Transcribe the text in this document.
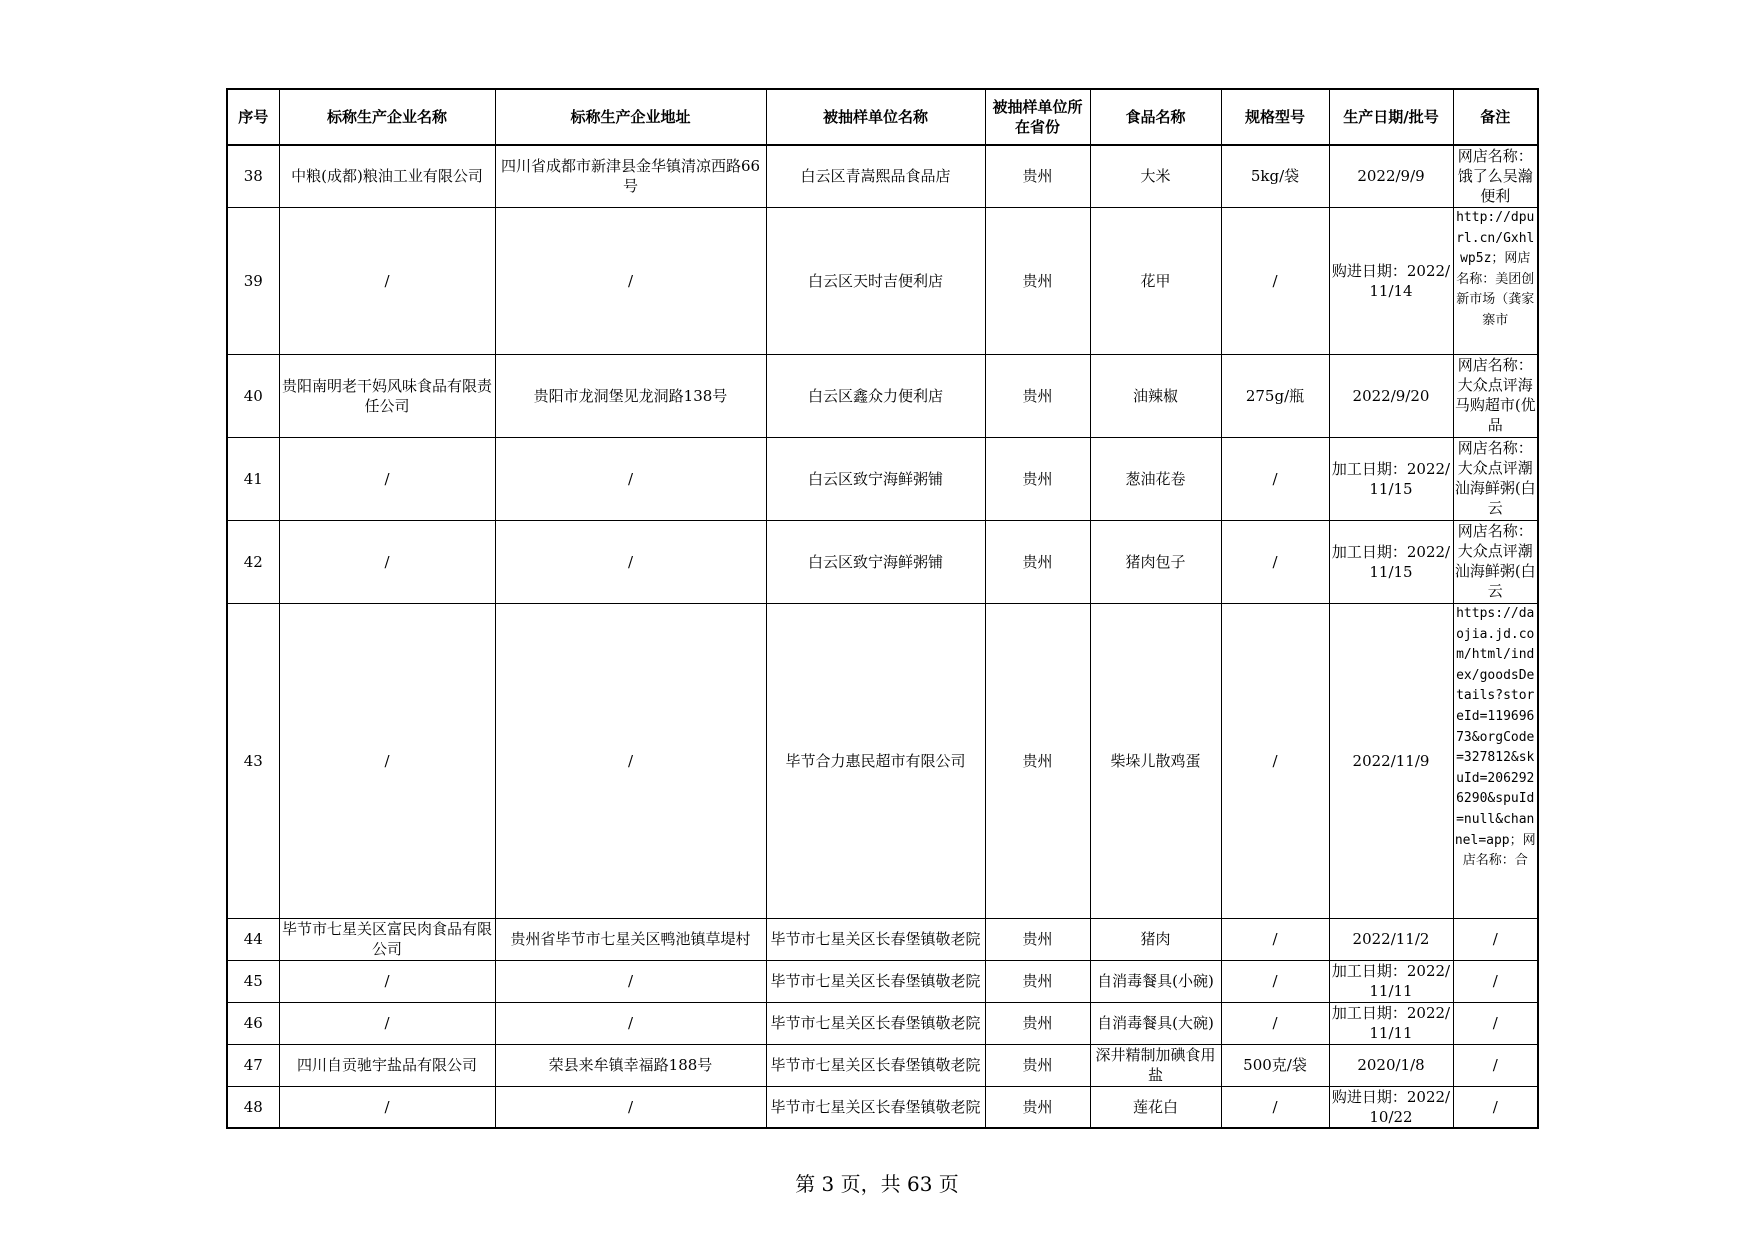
序号	标称生产企业名称	标称生产企业地址	被抽样单位名称	被抽样单位所在省份	食品名称	规格型号	生产日期/批号	备注
38	中粮(成都)粮油工业有限公司	四川省成都市新津县金华镇清凉西路66号	白云区青嵩熙品食品店	贵州	大米	5kg/袋	2022/9/9	网店名称：饿了么吴瀚便利

39	/	/	白云区天时吉便利店	贵州	花甲	/	购进日期：2022/11/14	http://dpurl.cn/Gxhlwp5z；网店名称：美团创新市场（龚家寨市

40	贵阳南明老干妈风味食品有限责任公司	贵阳市龙洞堡见龙洞路138号	白云区鑫众力便利店	贵州	油辣椒	275g/瓶	2022/9/20	网店名称：大众点评海马购超市(优品

41	/	/	白云区致宁海鲜粥铺	贵州	葱油花卷	/	加工日期：2022/11/15	网店名称：大众点评潮汕海鲜粥(白云

42	/	/	白云区致宁海鲜粥铺	贵州	猪肉包子	/	加工日期：2022/11/15	网店名称：大众点评潮汕海鲜粥(白云

43	/	/	毕节合力惠民超市有限公司	贵州	柴垛儿散鸡蛋	/	2022/11/9	https://daojia.jd.com/html/index/goodsDetails?storeId=11969673&orgCode=327812&skuId=2062926290&spuId=null&channel=app；网店名称：合

44	毕节市七星关区富民肉食品有限公司	贵州省毕节市七星关区鸭池镇草堤村	毕节市七星关区长春堡镇敬老院	贵州	猪肉	/	2022/11/2	/
45	/	/	毕节市七星关区长春堡镇敬老院	贵州	自消毒餐具(小碗)	/	加工日期：2022/11/11	/
46	/	/	毕节市七星关区长春堡镇敬老院	贵州	自消毒餐具(大碗)	/	加工日期：2022/11/11	/
47	四川自贡驰宇盐品有限公司	荣县来牟镇幸福路188号	毕节市七星关区长春堡镇敬老院	贵州	深井精制加碘食用盐	500克/袋	2020/1/8	/
48	/	/	毕节市七星关区长春堡镇敬老院	贵州	莲花白	/	购进日期：2022/10/22	/
第 3 页，共 63 页
